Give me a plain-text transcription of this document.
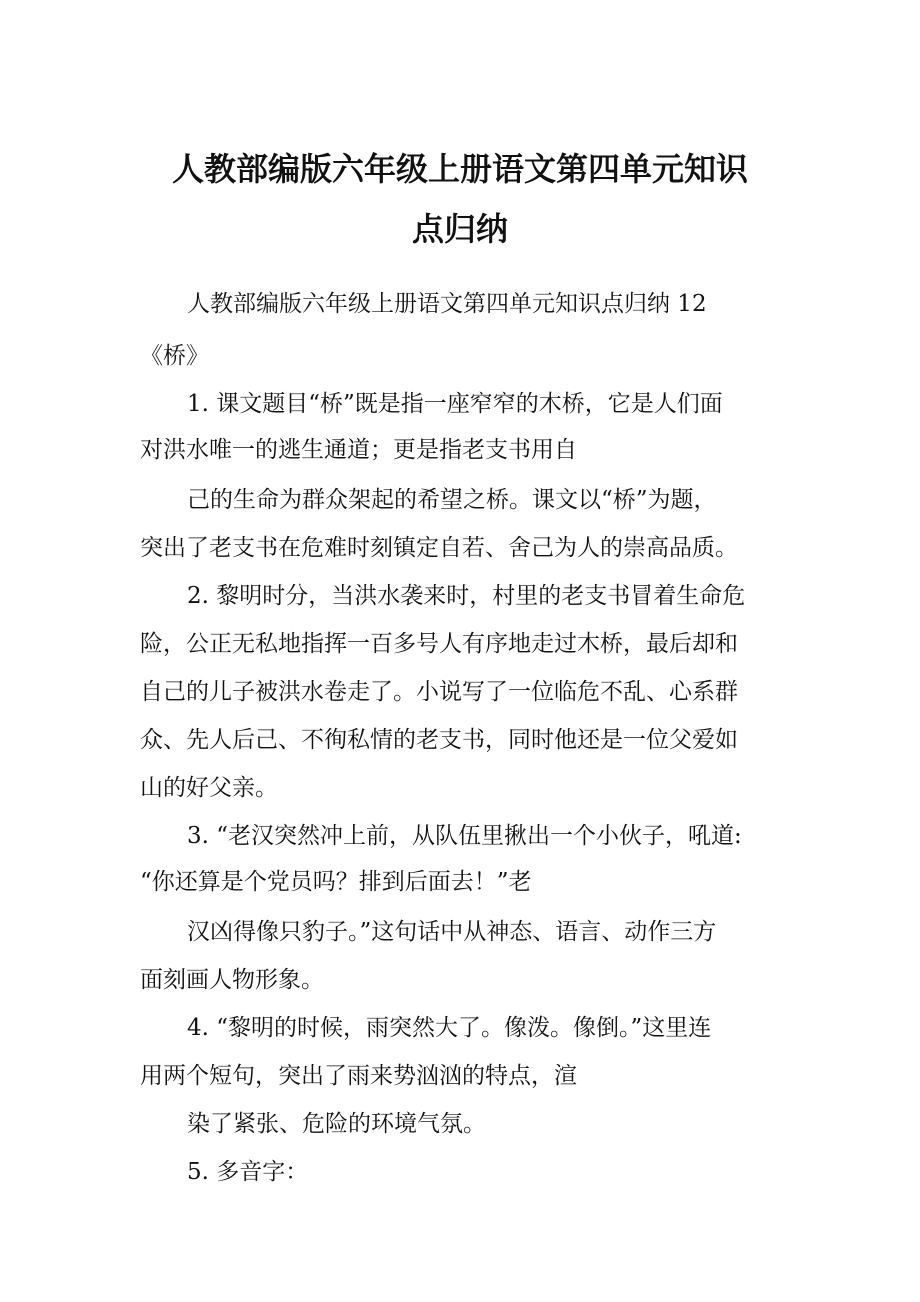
人教部编版六年级上册语文第四单元知识
点归纳
人教部编版六年级上册语文第四单元知识点归纳 12
《桥》
1. 课文题目“桥”既是指一座窄窄的木桥，它是人们面
对洪水唯一的逃生通道；更是指老支书用自
己的生命为群众架起的希望之桥。课文以“桥”为题，
突出了老支书在危难时刻镇定自若、舍己为人的崇高品质。
2. 黎明时分，当洪水袭来时，村里的老支书冒着生命危
险，公正无私地指挥一百多号人有序地走过木桥，最后却和
自己的儿子被洪水卷走了。小说写了一位临危不乱、心系群
众、先人后己、不徇私情的老支书，同时他还是一位父爱如
山的好父亲。
3. “老汉突然冲上前，从队伍里揪出一个小伙子，吼道:
“你还算是个党员吗？排到后面去！”老
汉凶得像只豹子。”这句话中从神态、语言、动作三方
面刻画人物形象。
4. “黎明的时候，雨突然大了。像泼。像倒。”这里连
用两个短句，突出了雨来势汹汹的特点，渲
染了紧张、危险的环境气氛。
5. 多音字：
